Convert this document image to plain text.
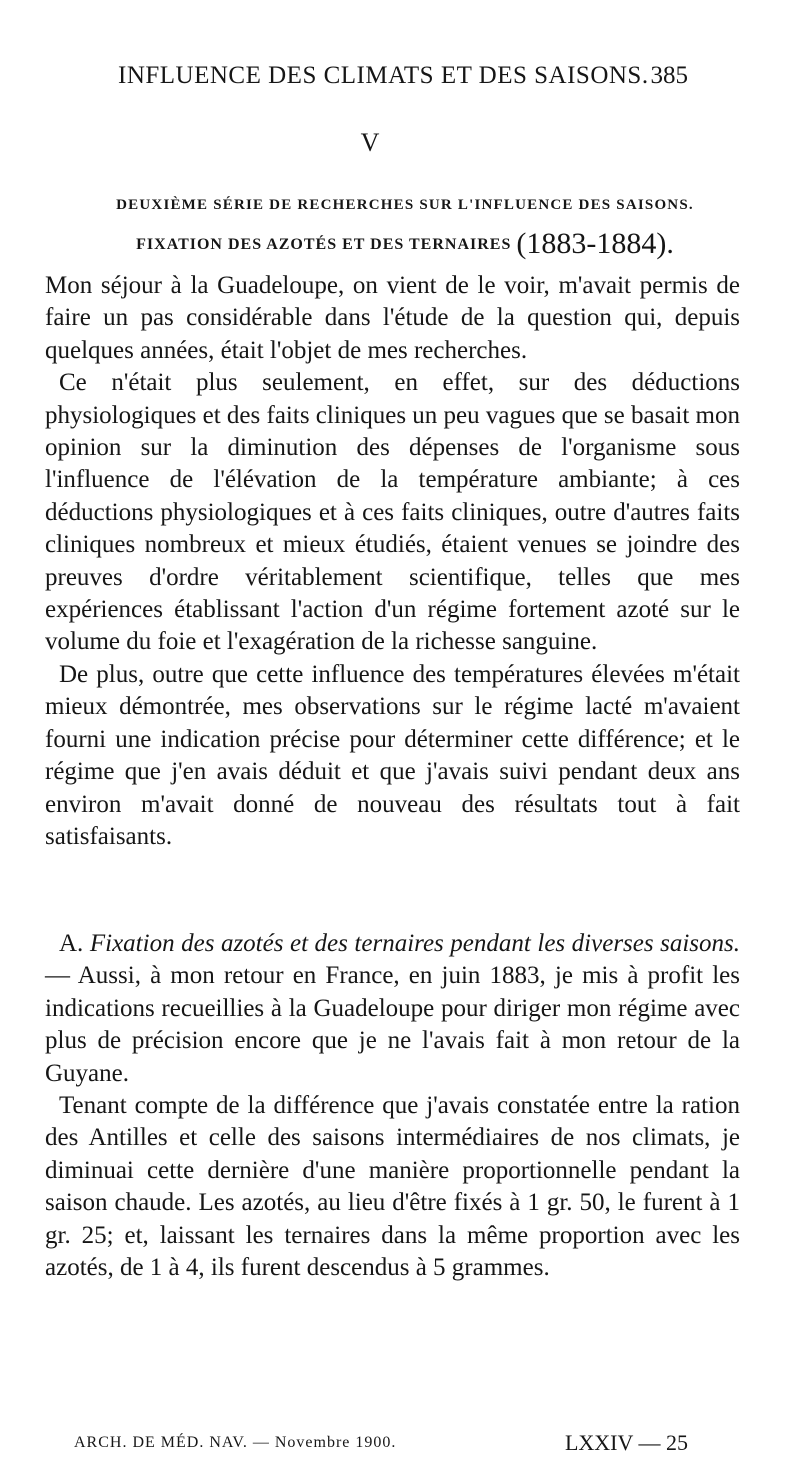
INFLUENCE DES CLIMATS ET DES SAISONS. 385
V
DEUXIÈME SÉRIE DE RECHERCHES SUR L'INFLUENCE DES SAISONS.
FIXATION DES AZOTÉS ET DES TERNAIRES (1883-1884).
Mon séjour à la Guadeloupe, on vient de le voir, m'avait permis de faire un pas considérable dans l'étude de la question qui, depuis quelques années, était l'objet de mes recherches.
Ce n'était plus seulement, en effet, sur des déductions physiologiques et des faits cliniques un peu vagues que se basait mon opinion sur la diminution des dépenses de l'organisme sous l'influence de l'élévation de la température ambiante; à ces déductions physiologiques et à ces faits cliniques, outre d'autres faits cliniques nombreux et mieux étudiés, étaient venues se joindre des preuves d'ordre véritablement scientifique, telles que mes expériences établissant l'action d'un régime fortement azoté sur le volume du foie et l'exagération de la richesse sanguine.
De plus, outre que cette influence des températures élevées m'était mieux démontrée, mes observations sur le régime lacté m'avaient fourni une indication précise pour déterminer cette différence; et le régime que j'en avais déduit et que j'avais suivi pendant deux ans environ m'avait donné de nouveau des résultats tout à fait satisfaisants.
A. Fixation des azotés et des ternaires pendant les diverses saisons. — Aussi, à mon retour en France, en juin 1883, je mis à profit les indications recueillies à la Guadeloupe pour diriger mon régime avec plus de précision encore que je ne l'avais fait à mon retour de la Guyane.
Tenant compte de la différence que j'avais constatée entre la ration des Antilles et celle des saisons intermédiaires de nos climats, je diminuai cette dernière d'une manière proportionnelle pendant la saison chaude. Les azotés, au lieu d'être fixés à 1 gr. 50, le furent à 1 gr. 25; et, laissant les ternaires dans la même proportion avec les azotés, de 1 à 4, ils furent descendus à 5 grammes.
ARCH. DE MÉD. NAV. — Novembre 1900.	LXXIV — 25
